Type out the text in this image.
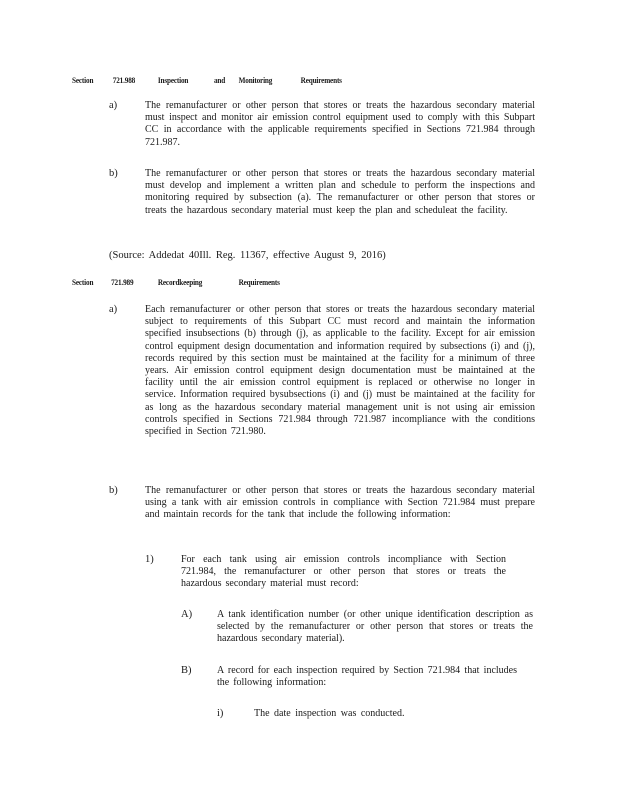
Section 721.988	Inspection	and Monitoring	Requirements
a)	The remanufacturer or other person that stores or treats the hazardous secondary material must inspect and monitor air emission control equipment used to comply with this Subpart CC in accordance with the applicable requirements specified in Sections 721.984 through 721.987.
b)	The remanufacturer or other person that stores or treats the hazardous secondary material must develop and implement a written plan and schedule to perform the inspections and monitoring required by subsection (a). The remanufacturer or other person that stores or treats the hazardous secondary material must keep the plan and scheduleat the facility.
(Source: Addedat 40Ill. Reg. 11367, effective August 9, 2016)
Section 721.989	Recordkeeping	Requirements
a)	Each remanufacturer or other person that stores or treats the hazardous secondary material subject to requirements of this Subpart CC must record and maintain the information specified insubsections (b) through (j), as applicable to the facility. Except for air emission control equipment design documentation and information required by subsections (i) and (j), records required by this section must be maintained at the facility for a minimum of three years. Air emission control equipment design documentation must be maintained at the facility until the air emission control equipment is replaced or otherwise no longer in service. Information required bysubsections (i) and (j) must be maintained at the facility for as long as the hazardous secondary material management unit is not using air emission controls specified in Sections 721.984 through 721.987 incompliance with the conditions specified in Section 721.980.
b)	The remanufacturer or other person that stores or treats the hazardous secondary material using a tank with air emission controls in compliance with Section 721.984 must prepare and maintain records for the tank that include the following information:
1)	For each tank using air emission controls incompliance with Section 721.984, the remanufacturer or other person that stores or treats the hazardous secondary material must record:
A) A tank identification number (or other unique identification description as selected by the remanufacturer or other person that stores or treats the hazardous secondary material).
B)	A record for each inspection required by Section 721.984 that includes the following information:
i)	The date inspection was conducted.
